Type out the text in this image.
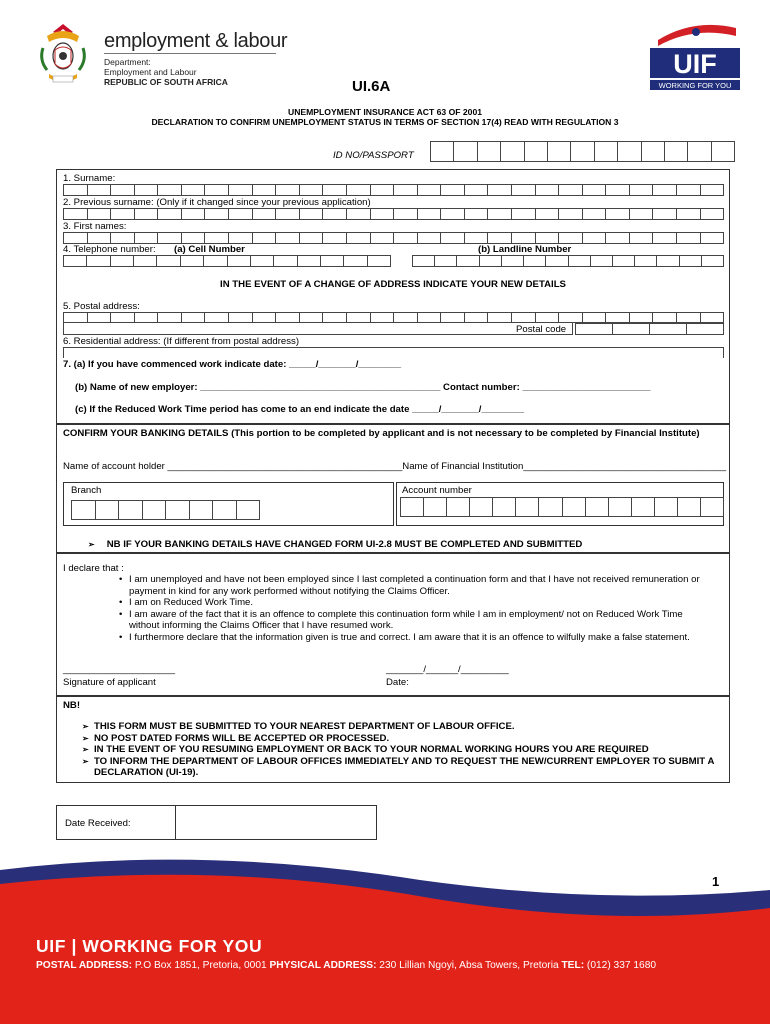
employment & labour
Department:
Employment and Labour
REPUBLIC OF SOUTH AFRICA
UIF
WORKING FOR YOU
UI.6A
UNEMPLOYMENT INSURANCE ACT 63 OF 2001
DECLARATION TO CONFIRM UNEMPLOYMENT STATUS IN TERMS OF SECTION 17(4) READ WITH REGULATION 3
ID NO/PASSPORT
1. Surname:
2. Previous surname: (Only if it changed since your previous application)
3. First names:
4. Telephone number: (a) Cell Number	(b) Landline Number
IN THE EVENT OF A CHANGE OF ADDRESS INDICATE YOUR NEW DETAILS
5. Postal address:
Postal code
6. Residential address: (If different from postal address)
7. (a) If you have commenced work indicate date: _____/_______/________
(b) Name of new employer: _____________________________________________ Contact number: ________________________
(c) If the Reduced Work Time period has come to an end indicate the date _____/_______/________
CONFIRM YOUR BANKING DETAILS (This portion to be completed by applicant and is not necessary to be completed by Financial Institute)
Name of account holder ____________________________________________Name of Financial Institution______________________________________
Branch	Account number
➢ NB IF YOUR BANKING DETAILS HAVE CHANGED FORM UI-2.8 MUST BE COMPLETED AND SUBMITTED
I declare that :
• I am unemployed and have not been employed since I last completed a continuation form and that I have not received remuneration or payment in kind for any work performed without notifying the Claims Officer.
• I am on Reduced Work Time.
• I am aware of the fact that it is an offence to complete this continuation form while I am in employment/ not on Reduced Work Time without informing the Claims Officer that I have resumed work.
• I furthermore declare that the information given is true and correct. I am aware that it is an offence to wilfully make a false statement.
_____________________
Signature of applicant
_______/______/_________
Date:
NB!
➢ THIS FORM MUST BE SUBMITTED TO YOUR NEAREST DEPARTMENT OF LABOUR OFFICE.
➢ NO POST DATED FORMS WILL BE ACCEPTED OR PROCESSED.
➢ IN THE EVENT OF YOU RESUMING EMPLOYMENT OR BACK TO YOUR NORMAL WORKING HOURS YOU ARE REQUIRED
➢ TO INFORM THE DEPARTMENT OF LABOUR OFFICES IMMEDIATELY AND TO REQUEST THE NEW/CURRENT EMPLOYER TO SUBMIT A DECLARATION (UI-19).
Date Received:
1
UIF | WORKING FOR YOU
POSTAL ADDRESS: P.O Box 1851, Pretoria, 0001 PHYSICAL ADDRESS: 230 Lillian Ngoyi, Absa Towers, Pretoria TEL: (012) 337 1680
